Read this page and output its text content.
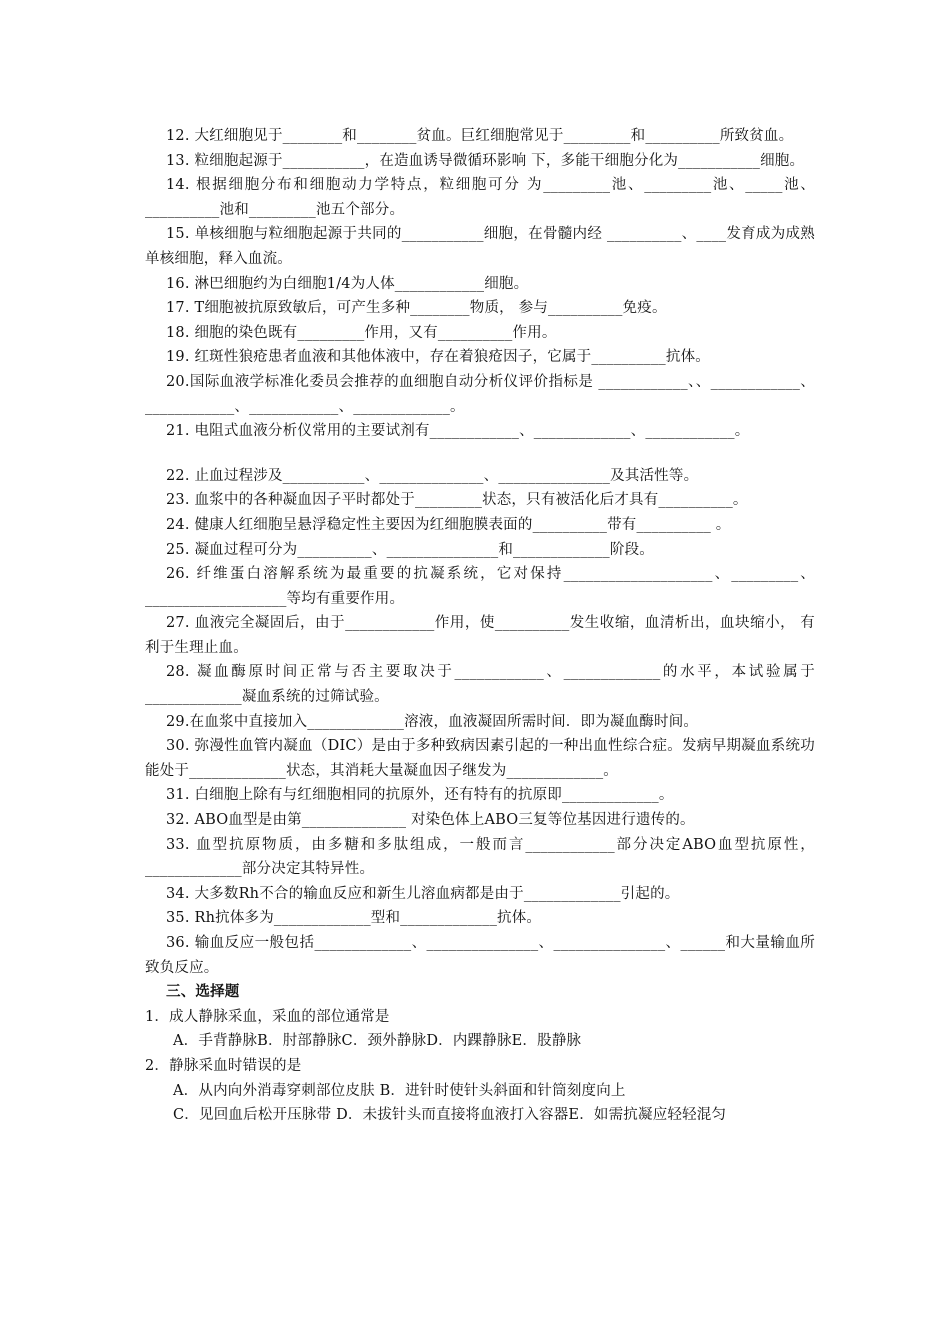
12. 大红细胞见于________和________贫血。巨红细胞常见于_________和__________所致贫血。

13. 粒细胞起源于___________，在造血诱导微循环影响 下，多能干细胞分化为___________细胞。

14. 根据细胞分布和细胞动力学特点，粒细胞可分 为_________池、_________池、_____池、__________池和_________池五个部分。

15. 单核细胞与粒细胞起源于共同的___________细胞，在骨髓内经 __________、____发育成为成熟单核细胞，释入血流。

16. 淋巴细胞约为白细胞1/4为人体____________细胞。

17. T细胞被抗原致敏后，可产生多种________物质， 参与__________免疫。

18. 细胞的染色既有_________作用，又有__________作用。

19. 红斑性狼疮患者血液和其他体液中，存在着狼疮因子，它属于__________抗体。

20.国际血液学标准化委员会推荐的血细胞自动分析仪评价指标是 ____________、、____________、____________、____________、_____________。

21. 电阻式血液分析仪常用的主要试剂有____________、_____________、____________。

22. 止血过程涉及___________、______________、_______________及其活性等。

23. 血浆中的各种凝血因子平时都处于_________状态，只有被活化后才具有__________。

24. 健康人红细胞呈悬浮稳定性主要因为红细胞膜表面的__________带有__________ 。

25. 凝血过程可分为__________、_______________和_____________阶段。

26. 纤维蛋白溶解系统为最重要的抗凝系统，它对保持____________________、_________、___________________等均有重要作用。

27. 血液完全凝固后，由于____________作用，使__________发生收缩，血清析出，血块缩小， 有利于生理止血。

28. 凝血酶原时间正常与否主要取决于____________、_____________的水平，本试验属于_____________凝血系统的过筛试验。

29.在血浆中直接加入_____________溶液，血液凝固所需时间．即为凝血酶时间。

30. 弥漫性血管内凝血（DIC）是由于多种致病因素引起的一种出血性综合症。发病早期凝血系统功能处于_____________状态，其消耗大量凝血因子继发为_____________。

31. 白细胞上除有与红细胞相同的抗原外，还有特有的抗原即_____________。

32. ABO血型是由第______________ 对染色体上ABO三复等位基因进行遗传的。

33. 血型抗原物质，由多糖和多肽组成，一般而言____________部分决定ABO血型抗原性， _____________部分决定其特异性。

34. 大多数Rh不合的输血反应和新生儿溶血病都是由于_____________引起的。

35. Rh抗体多为_____________型和_____________抗体。

36. 输血反应一般包括_____________、_______________、_______________、______和大量输血所致负反应。

三、选择题

1．成人静脉采血，采血的部位通常是

A．手背静脉B．肘部静脉C．颈外静脉D．内踝静脉E．股静脉

2．静脉采血时错误的是

A．从内向外消毒穿刺部位皮肤 B．进针时使针头斜面和针筒刻度向上

C．见回血后松开压脉带 D．未拔针头而直接将血液打入容器E．如需抗凝应轻轻混匀
